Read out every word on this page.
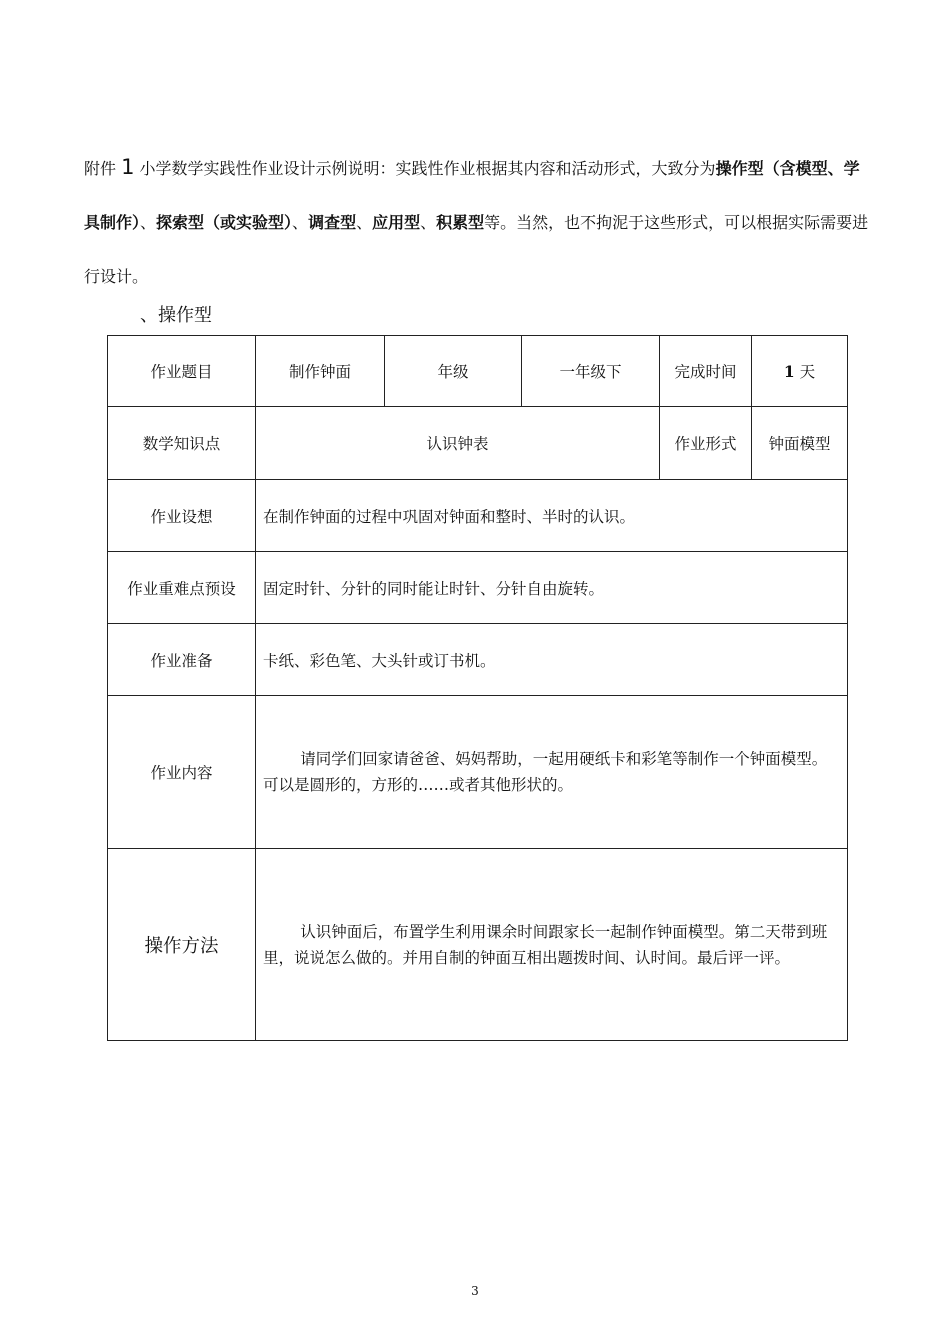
附件 1 小学数学实践性作业设计示例说明：实践性作业根据其内容和活动形式，大致分为操作型（含模型、学具制作）、探索型（或实验型）、调查型、应用型、积累型等。当然，也不拘泥于这些形式，可以根据实际需要进行设计。
、操作型
作业题目	制作钟面	年级	一年级下	完成时间	1 天
数学知识点	认识钟表			作业形式	钟面模型
作业设想	在制作钟面的过程中巩固对钟面和整时、半时的认识。				
作业重难点预设	固定时针、分针的同时能让时针、分针自由旋转。				
作业准备	卡纸、彩色笔、大头针或订书机。				
作业内容	请同学们回家请爸爸、妈妈帮助，一起用硬纸卡和彩笔等制作一个钟面模型。可以是圆形的，方形的……或者其他形状的。				
操作方法	认识钟面后，布置学生利用课余时间跟家长一起制作钟面模型。第二天带到班里，说说怎么做的。并用自制的钟面互相出题拨时间、认时间。最后评一评。				
3
